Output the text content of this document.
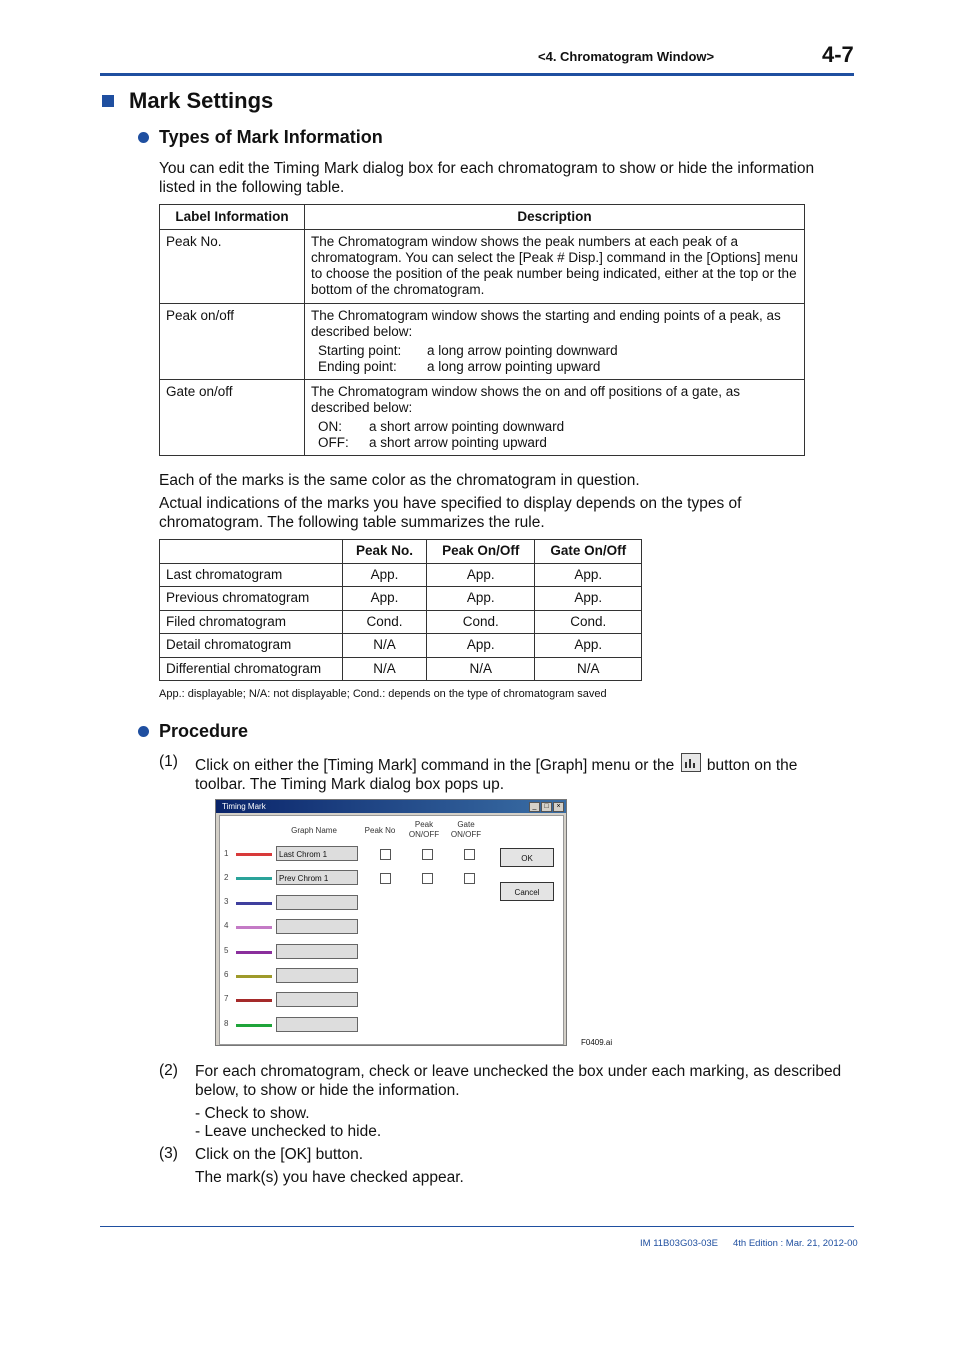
<4. Chromatogram Window>	4-7
Mark Settings
Types of Mark Information
You can edit the Timing Mark dialog box for each chromatogram to show or hide the information listed in the following table.
Label Information	Description
Peak No.	The Chromatogram window shows the peak numbers at each peak of a chromatogram. You can select the [Peak # Disp.] command in the [Options] menu to choose the position of the peak number being indicated, either at the top or the bottom of the chromatogram.
Peak on/off	The Chromatogram window shows the starting and ending points of a peak, as described below:
Starting point: a long arrow pointing downward
Ending point: a long arrow pointing upward

Gate on/off	The Chromatogram window shows the on and off positions of a gate, as described below:
ON: a short arrow pointing downward
OFF: a short arrow pointing upward
Each of the marks is the same color as the chromatogram in question.
Actual indications of the marks you have specified to display depends on the types of chromatogram. The following table summarizes the rule.
	Peak No.	Peak On/Off	Gate On/Off
Last chromatogram	App.	App.	App.
Previous chromatogram	App.	App.	App.
Filed chromatogram	Cond.	Cond.	Cond.
Detail chromatogram	N/A	App.	App.
Differential chromatogram	N/A	N/A	N/A
App.: displayable; N/A: not displayable; Cond.: depends on the type of chromatogram saved
Procedure
(1) Click on either the [Timing Mark] command in the [Graph] menu or the button on the toolbar. The Timing Mark dialog box pops up.
Timing Mark	_	□	×
Graph Name	Peak No
Peak
ON/OFF
Gate
ON/OFF
1	Last Chrom 1
2	Prev Chrom 1
3
4
5
6
7
8
OK
Cancel
F0409.ai
(2) For each chromatogram, check or leave unchecked the box under each marking, as described below, to show or hide the information.
- Check to show.
- Leave unchecked to hide.
(3) Click on the [OK] button.
The mark(s) you have checked appear.
IM 11B03G03-03E 4th Edition : Mar. 21, 2012-00
